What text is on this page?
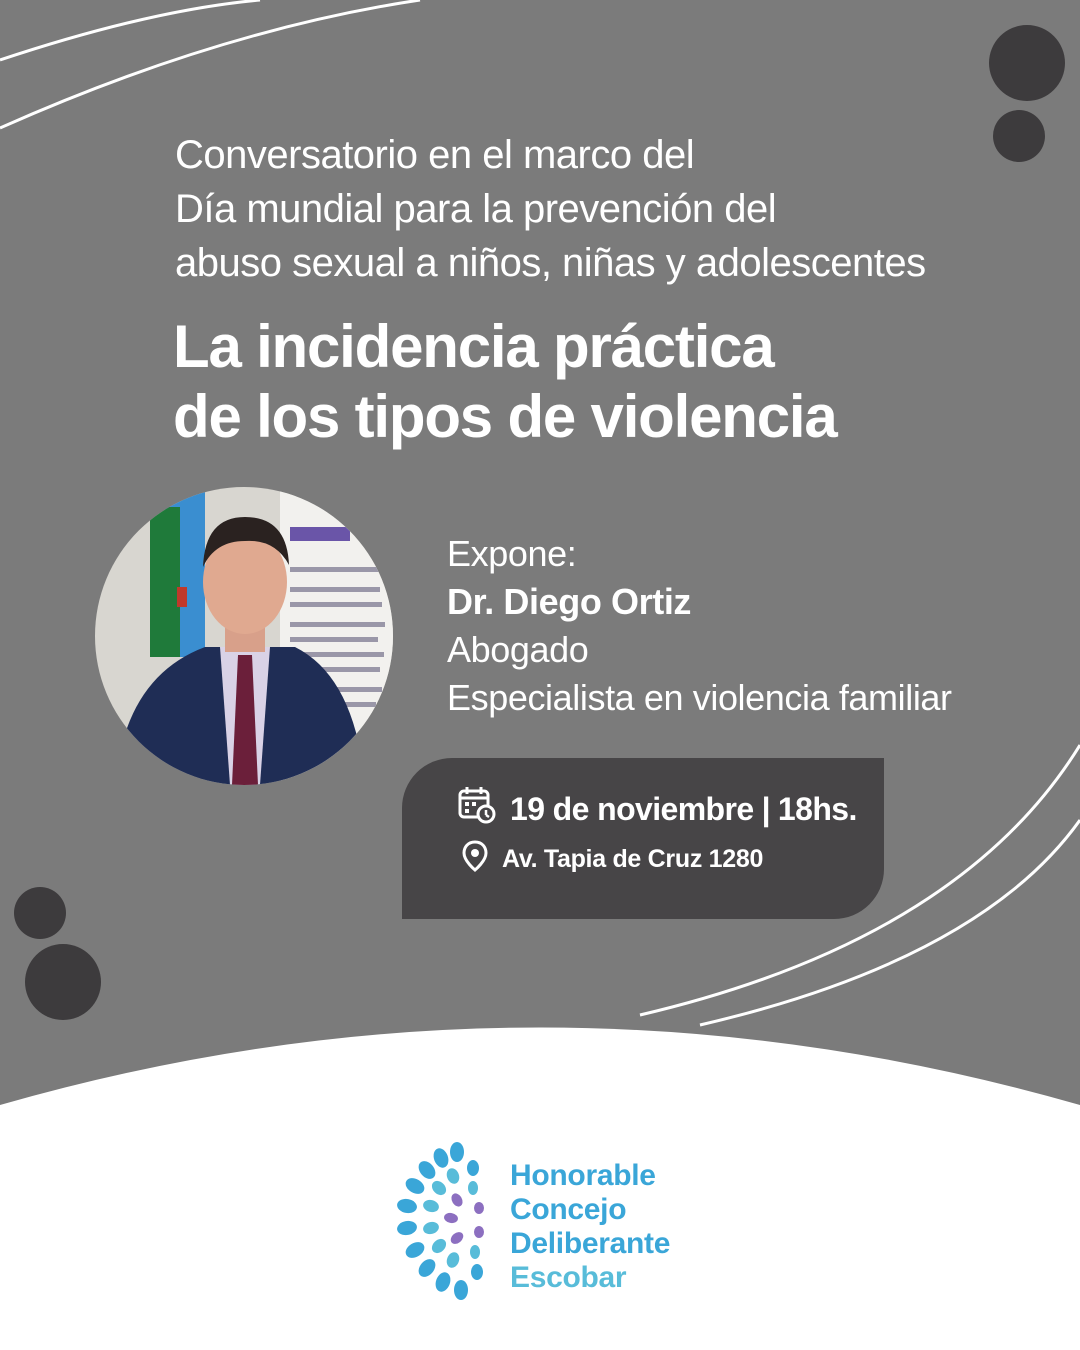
Conversatorio en el marco del
Día mundial para la prevención del
abuso sexual a niños, niñas y adolescentes
La incidencia práctica
de los tipos de violencia
Expone:
Dr. Diego Ortiz
Abogado
Especialista en violencia familiar
19 de noviembre | 18hs.
Av. Tapia de Cruz 1280
Honorable
Concejo
Deliberante
Escobar
